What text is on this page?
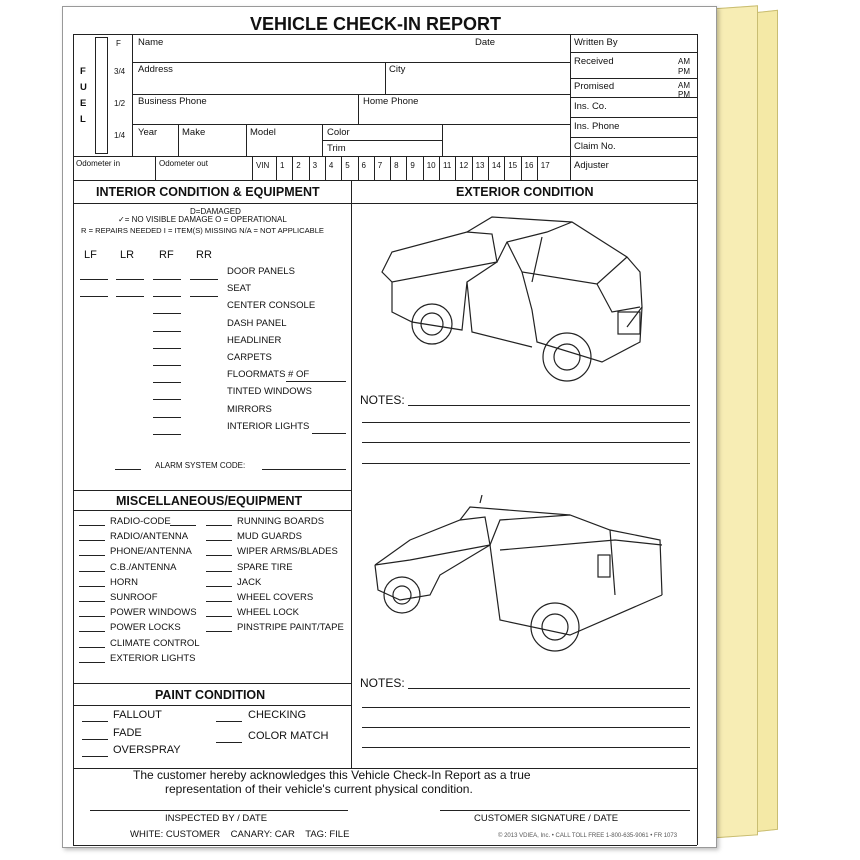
VEHICLE CHECK-IN REPORT
F
U
E
L
F
3/4
1/2
1/4
Name	Date
Address	City
Business Phone	Home Phone
Year	Make	Model	Color
Trim
Odometer in	Odometer out	VIN
Written By
Received	AM
PM
Promised	AM
PM
Ins. Co.
Ins. Phone
Claim No.
Adjuster
INTERIOR CONDITION & EQUIPMENT
D=DAMAGED
✓= NO VISIBLE DAMAGE O = OPERATIONAL
R = REPAIRS NEEDED I = ITEM(S) MISSING N/A = NOT APPLICABLE
LF LR RF RR
ALARM SYSTEM CODE:
EXTERIOR CONDITION
NOTES:
NOTES:
MISCELLANEOUS/EQUIPMENT
PAINT CONDITION
The customer hereby acknowledges this Vehicle Check-In Report as a true
representation of their vehicle's current physical condition.
INSPECTED BY / DATE	CUSTOMER SIGNATURE / DATE
WHITE: CUSTOMER    CANARY: CAR    TAG: FILE	© 2013 VDIEA, Inc. • CALL TOLL FREE 1-800-635-9061 • FR 1073
1 2 3 4 5 6 7 8 9 10 11 12 13 14 15 16 17
DOOR PANELS
SEAT
CENTER CONSOLE
DASH PANEL
HEADLINER
CARPETS
FLOORMATS # OF
TINTED WINDOWS
MIRRORS
INTERIOR LIGHTS
RADIO-CODE
RADIO/ANTENNA
PHONE/ANTENNA
C.B./ANTENNA
HORN
SUNROOF
POWER WINDOWS
POWER LOCKS
CLIMATE CONTROL
EXTERIOR LIGHTS
RUNNING BOARDS
MUD GUARDS
WIPER ARMS/BLADES
SPARE TIRE
JACK
WHEEL COVERS
WHEEL LOCK
PINSTRIPE PAINT/TAPE
FALLOUT
FADE
OVERSPRAY
CHECKING
COLOR MATCH
